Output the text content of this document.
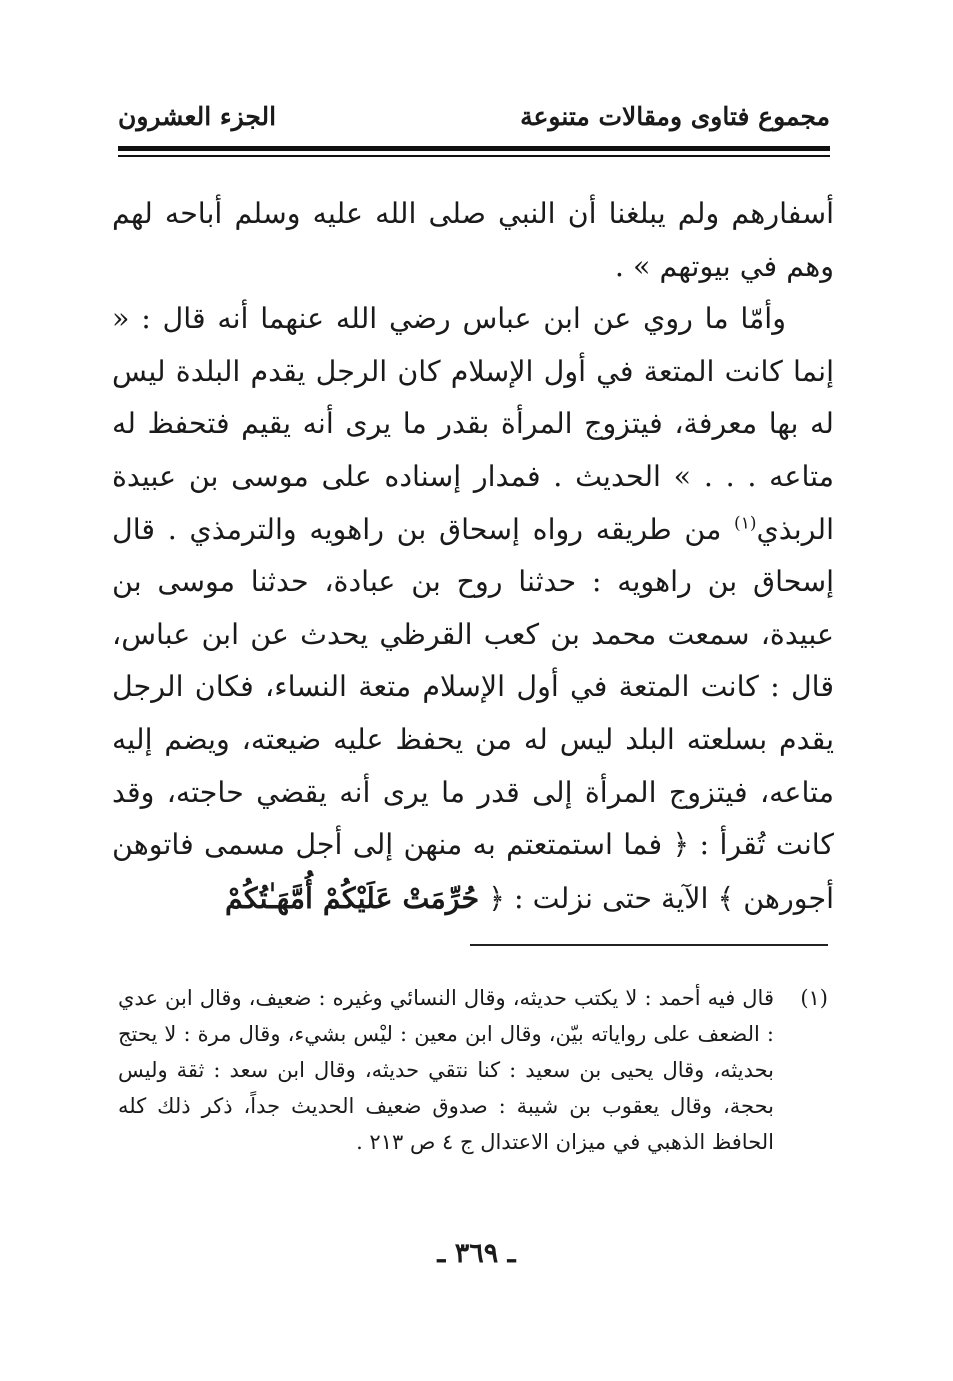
مجموع فتاوى ومقالات متنوعة
الجزء العشرون

أسفارهم ولم يبلغنا أن النبي صلى الله عليه وسلم أباحه لهم وهم في بيوتهم » .

وأمّا ما روي عن ابن عباس رضي الله عنهما أنه قال : « إنما كانت المتعة في أول الإسلام كان الرجل يقدم البلدة ليس له بها معرفة، فيتزوج المرأة بقدر ما يرى أنه يقيم فتحفظ له متاعه . . . » الحديث . فمدار إسناده على موسى بن عبيدة الربذي$^{(١)}$ من طريقه رواه إسحاق بن راهويه والترمذي . قال إسحاق بن راهويه : حدثنا روح بن عبادة، حدثنا موسى بن عبيدة، سمعت محمد بن كعب القرظي يحدث عن ابن عباس، قال : كانت المتعة في أول الإسلام متعة النساء، فكان الرجل يقدم بسلعته البلد ليس له من يحفظ عليه ضيعته، ويضم إليه متاعه، فيتزوج المرأة إلى قدر ما يرى أنه يقضي حاجته، وقد كانت تُقرأ : ﴿ فما استمتعتم به منهن إلى أجل مسمى فاتوهن أجورهن ﴾ الآية حتى نزلت : ﴿ حُرِّمَتْ عَلَيْكُمْ أُمَّهَـٰتُكُمْ

(١)
قال فيه أحمد : لا يكتب حديثه، وقال النسائي وغيره : ضعيف، وقال ابن عدي : الضعف على رواياته بيّن، وقال ابن معين : ليْس بشيء، وقال مرة : لا يحتج بحديثه، وقال يحيى بن سعيد : كنا نتقي حديثه، وقال ابن سعد : ثقة وليس بحجة، وقال يعقوب بن شيبة : صدوق ضعيف الحديث جداً، ذكر ذلك كله الحافظ الذهبي في ميزان الاعتدال ج ٤ ص ٢١٣ .
ـ ٣٦٩ ـ
